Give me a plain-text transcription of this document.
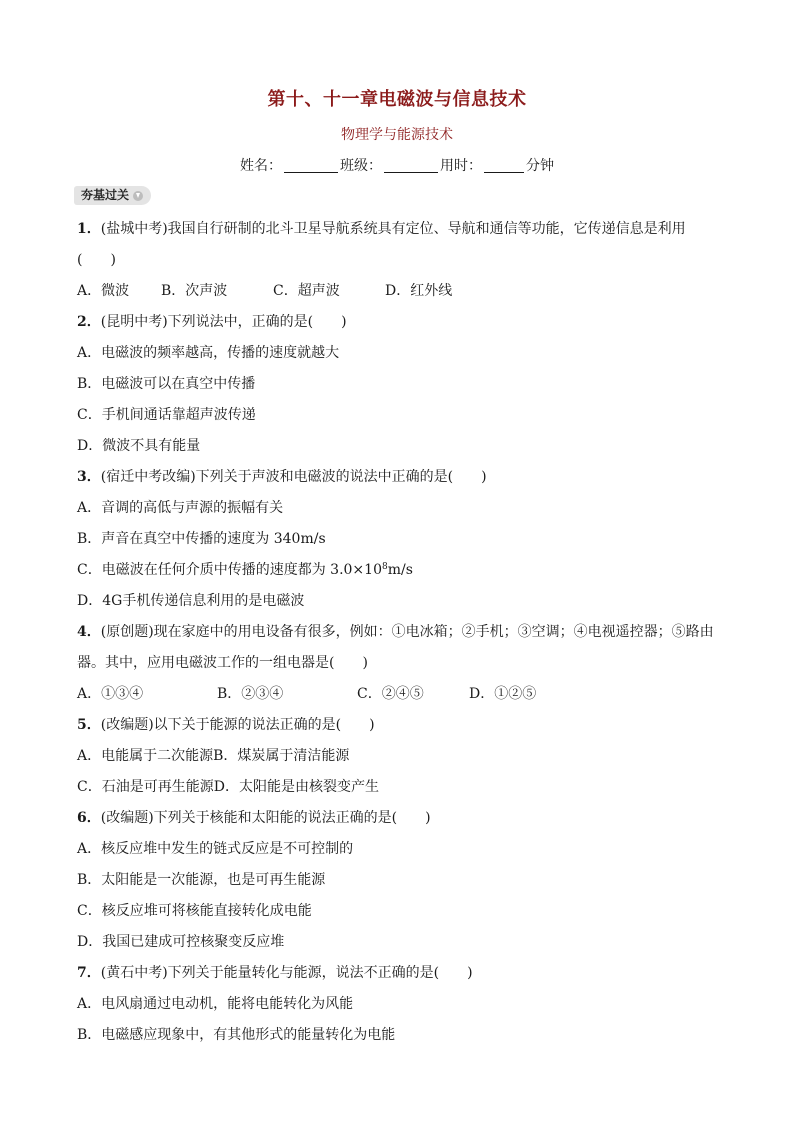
第十、十一章电磁波与信息技术
物理学与能源技术
姓名：	班级：	用时：	分钟
夯基过关
1．(盐城中考)我国自行研制的北斗卫星导航系统具有定位、导航和通信等功能，它传递信息是利用
(　　)
A．微波 B．次声波	C．超声波	D．红外线
2．(昆明中考)下列说法中，正确的是(　　)
A．电磁波的频率越高，传播的速度就越大
B．电磁波可以在真空中传播
C．手机间通话靠超声波传递
D．微波不具有能量
3．(宿迁中考改编)下列关于声波和电磁波的说法中正确的是(　　)
A．音调的高低与声源的振幅有关
B．声音在真空中传播的速度为 340m/s
C．电磁波在任何介质中传播的速度都为 $3.0\times 10^8m/s$
D．4G手机传递信息利用的是电磁波
4．(原创题)现在家庭中的用电设备有很多，例如：①电冰箱；②手机；③空调；④电视遥控器；⑤路由
器。其中，应用电磁波工作的一组电器是(　　)
A．①③④	B．②③④	C．②④⑤	D．①②⑤
5．(改编题)以下关于能源的说法正确的是(　　)
A．电能属于二次能源B．煤炭属于清洁能源
C．石油是可再生能源D．太阳能是由核裂变产生
6．(改编题)下列关于核能和太阳能的说法正确的是(　　)
A．核反应堆中发生的链式反应是不可控制的
B．太阳能是一次能源，也是可再生能源
C．核反应堆可将核能直接转化成电能
D．我国已建成可控核聚变反应堆
7．(黄石中考)下列关于能量转化与能源，说法不正确的是(　　)
A．电风扇通过电动机，能将电能转化为风能
B．电磁感应现象中，有其他形式的能量转化为电能
